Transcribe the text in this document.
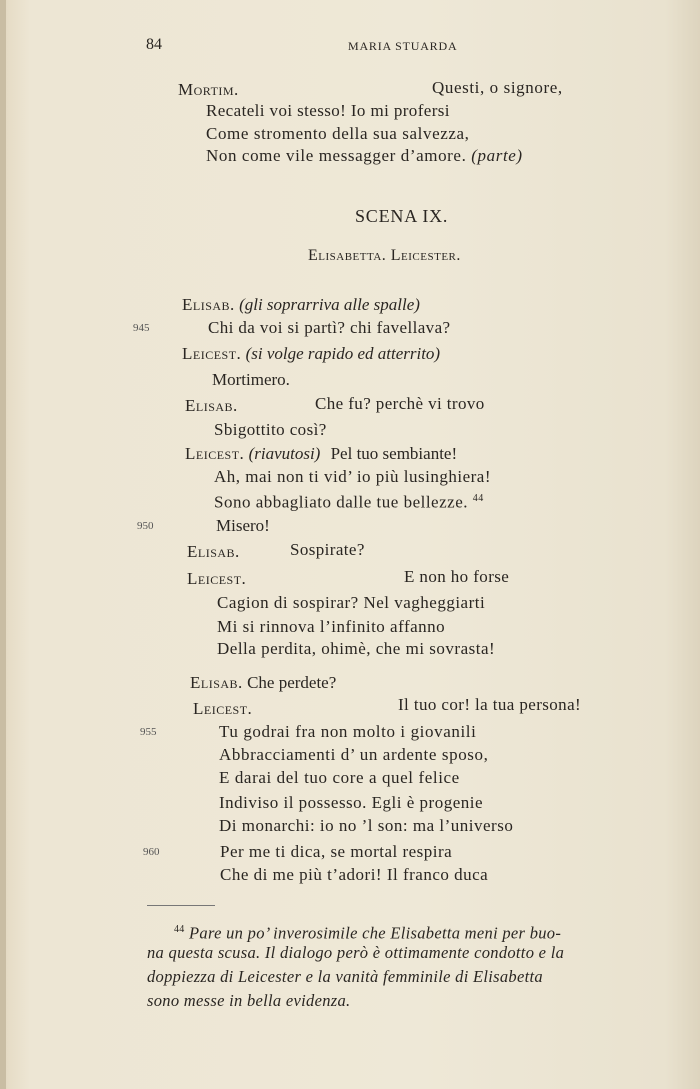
84	MARIA STUARDA
Mortim.	Questi, o signore,
Recateli voi stesso! Io mi profersi
Come stromento della sua salvezza,
Non come vile messagger d’amore. (parte)
SCENA IX.
Elisabetta. Leicester.
Elisab. (gli soprarriva alle spalle)
945	Chi da voi si partì? chi favellava?
Leicest. (si volge rapido ed atterrito)
Mortimero.
Elisab.	Che fu? perchè vi trovo
Sbigottito così?
Leicest. (riavutosi) Pel tuo sembiante!
Ah, mai non ti vid’ io più lusinghiera!
Sono abbagliato dalle tue bellezze. $^{44}$
950	Misero!
Elisab.	Sospirate?
Leicest.	E non ho forse
Cagion di sospirar? Nel vagheggiarti
Mi si rinnova l’infinito affanno
Della perdita, ohimè, che mi sovrasta!
Elisab. Che perdete?
Leicest.	Il tuo cor! la tua persona!
955	Tu godrai fra non molto i giovanili
Abbracciamenti d’ un ardente sposo,
E darai del tuo core a quel felice
Indiviso il possesso. Egli è progenie
Di monarchi: io no ’l son: ma l’universo
960	Per me ti dica, se mortal respira
Che di me più t’adori! Il franco duca
$^{44}$ Pare un po’ inverosimile che Elisabetta meni per buo-
na questa scusa. Il dialogo però è ottimamente condotto e la
doppiezza di Leicester e la vanità femminile di Elisabetta
sono messe in bella evidenza.
